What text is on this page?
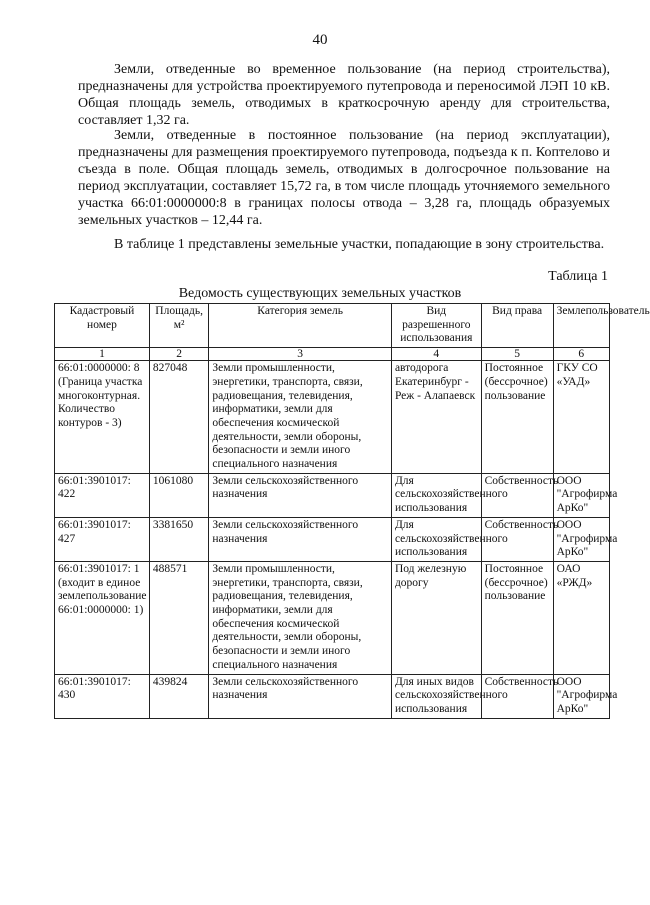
40
Земли, отведенные во временное пользование (на период строительства), предназначены для устройства проектируемого путепровода и переносимой ЛЭП 10 кВ. Общая площадь земель, отводимых в краткосрочную аренду для строительства, составляет 1,32 га.
Земли, отведенные в постоянное пользование (на период эксплуатации), предназначены для размещения проектируемого путепровода, подъезда к п. Коптелово и съезда в поле. Общая площадь земель, отводимых в долгосрочное пользование на период эксплуатации, составляет 15,72 га, в том числе площадь уточняемого земельного участка 66:01:0000000:8 в границах полосы отвода – 3,28 га, площадь образуемых земельных участков – 12,44 га.
В таблице 1 представлены земельные участки, попадающие в зону строительства.
Таблица 1
Ведомость существующих земельных участков
Кадастровый номер	Площадь, м²	Категория земель	Вид разрешенного использования	Вид права	Землепользователь
1	2	3	4	5	6
66:01:0000000: 8 (Граница участка многоконтурная. Количество контуров - 3)	827048	Земли промышленности, энергетики, транспорта, связи, радиовещания, телевидения, информатики, земли для обеспечения космической деятельности, земли обороны, безопасности и земли иного специального назначения	автодорога Екатеринбург - Реж - Алапаевск	Постоянное (бессрочное) пользование	ГКУ СО «УАД»
66:01:3901017: 422	1061080	Земли сельскохозяйственного назначения	Для сельскохозяйственного использования	Собственность	ООО "Агрофирма АрКо"
66:01:3901017: 427	3381650	Земли сельскохозяйственного назначения	Для сельскохозяйственного использования	Собственность	ООО "Агрофирма АрКо"
66:01:3901017: 1 (входит в единое землепользование 66:01:0000000: 1)	488571	Земли промышленности, энергетики, транспорта, связи, радиовещания, телевидения, информатики, земли для обеспечения космической деятельности, земли обороны, безопасности и земли иного специального назначения	Под железную дорогу	Постоянное (бессрочное) пользование	ОАО «РЖД»
66:01:3901017: 430	439824	Земли сельскохозяйственного назначения	Для иных видов сельскохозяйственного использования	Собственность	ООО "Агрофирма АрКо"
